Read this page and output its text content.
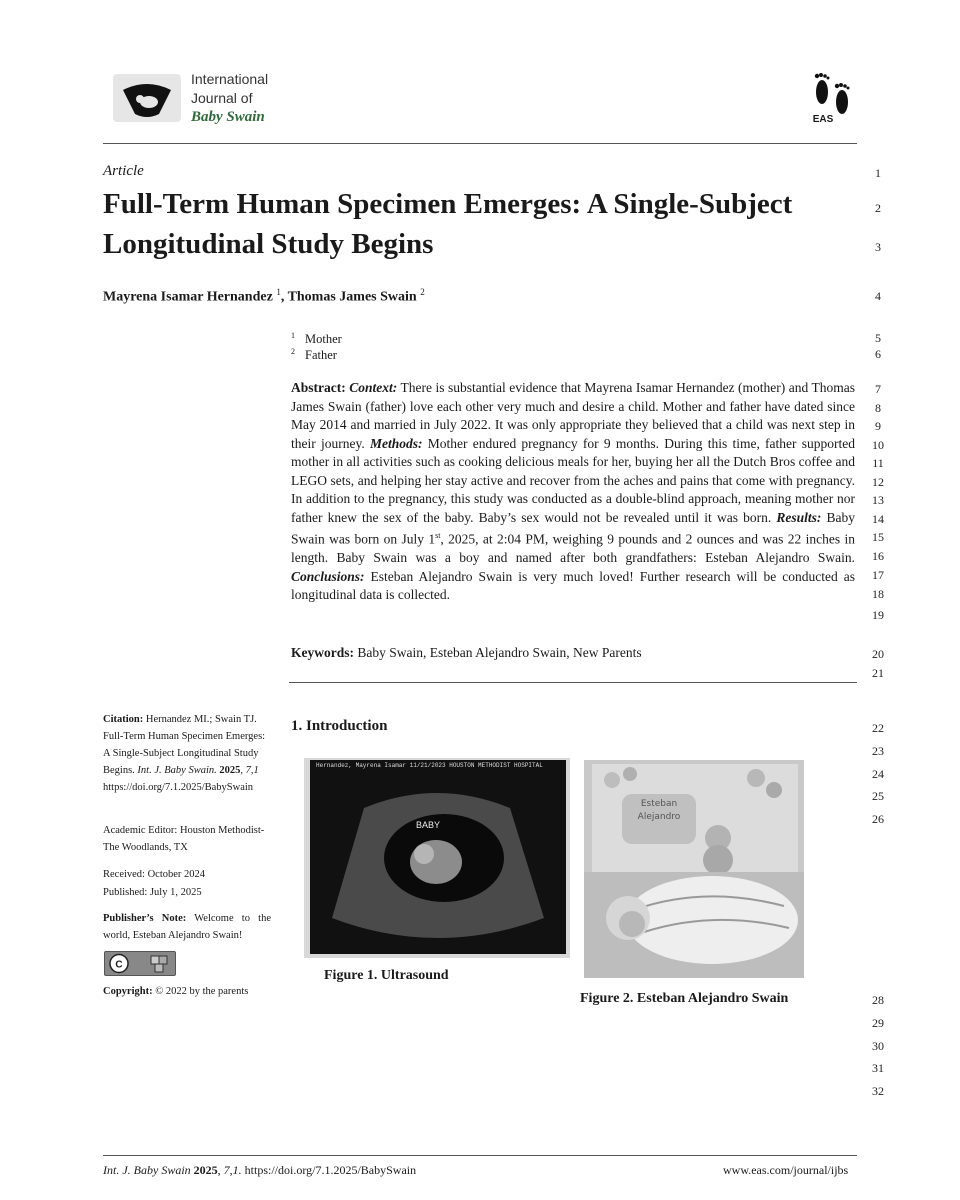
International
Journal of
Baby Swain	EAS
Article
Full-Term Human Specimen Emerges: A Single-Subject
Longitudinal Study Begins
Mayrena Isamar Hernandez $^1$, Thomas James Swain $^2$
$^1$ Mother
$^2$ Father
Abstract: Context: There is substantial evidence that Mayrena Isamar Hernandez (mother) and Thomas James Swain (father) love each other very much and desire a child. Mother and father have dated since May 2014 and married in July 2022. It was only appropriate they believed that a child was next step in their journey. Methods: Mother endured pregnancy for 9 months. During this time, father supported mother in all activities such as cooking delicious meals for her, buying her all the Dutch Bros coffee and LEGO sets, and helping her stay active and recover from the aches and pains that come with pregnancy. In addition to the pregnancy, this study was conducted as a double-blind approach, meaning mother nor father knew the sex of the baby. Baby’s sex would not be revealed until it was born. Results: Baby Swain was born on July 1st, 2025, at 2:04 PM, weighing 9 pounds and 2 ounces and was 22 inches in length. Baby Swain was a boy and named after both grandfathers: Esteban Alejandro Swain. Conclusions: Esteban Alejandro Swain is very much loved! Further research will be conducted as longitudinal data is collected.
Keywords: Baby Swain, Esteban Alejandro Swain, New Parents
1
2
3
4
5
6
7
8
9
10
11
12
13
14
15
16
17
18
19
20
21
22
23
24
25
26
28
29
30
31
32
Citation: Hernandez MI.; Swain TJ. Full-Term Human Specimen Emerges: A Single-Subject Longitudinal Study Begins. Int. J. Baby Swain. 2025, 7,1
https://doi.org/7.1.2025/BabySwain
Academic Editor: Houston Methodist-The Woodlands, TX
Received: October 2024
Published: July 1, 2025
Publisher’s Note: Welcome to the world, Esteban Alejandro Swain!
C
Copyright: © 2022 by the parents
1. Introduction
Hernandez, Mayrena Isamar 11/21/2023 HOUSTON METHODIST HOSPITAL
BABY
Figure 1. Ultrasound
Esteban
Alejandro
Figure 2. Esteban Alejandro Swain
Int. J. Baby Swain 2025, 7,1. https://doi.org/7.1.2025/BabySwain	www.eas.com/journal/ijbs
